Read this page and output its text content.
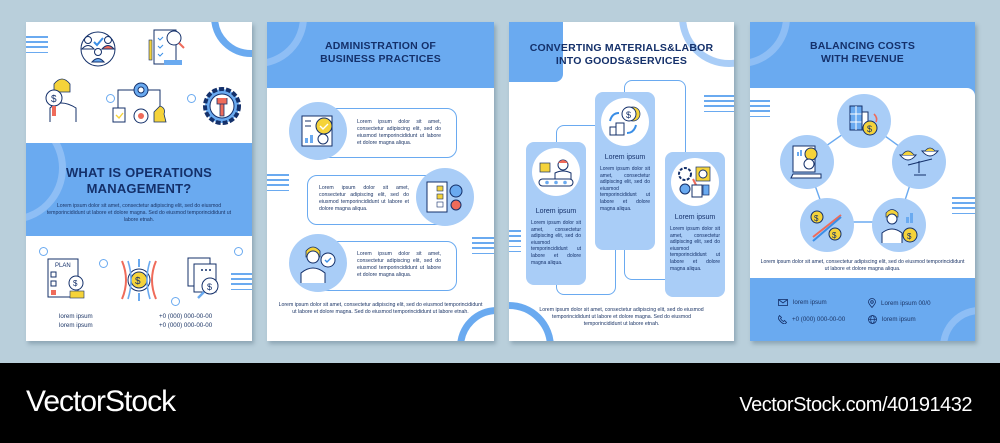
$
WHAT IS OPERATIONS
MANAGEMENT?
Lorem ipsum dolor sit amet, consectetur adipiscing elit, sed do eiusmod temporincididunt ut labore et dolore magna. Sed do eiusmod temporincididunt ut labore etnah.
PLAN
$	$	$
lorem ipsum
lorem ipsum
+0 (000) 000-00-00
+0 (000) 000-00-00
ADMINISTRATION OF
BUSINESS PRACTICES
Lorem ipsum dolor sit amet, consectetur adipiscing elit, sed do eiusmod temporincididunt ut labore et dolore magna aliqua.
Lorem ipsum dolor sit amet, consectetur adipiscing elit, sed do eiusmod temporincididunt ut labore et dolore magna aliqua.
Lorem ipsum dolor sit amet, consectetur adipiscing elit, sed do eiusmod temporincididunt ut labore et dolore magna aliqua.
Lorem ipsum dolor sit amet, consectetur adipiscing elit, sed do eiusmod temporincididunt ut labore et dolore magna. Sed do eiusmod temporincididunt ut labore etnah.
CONVERTING MATERIALS&LABOR
INTO GOODS&SERVICES
Lorem ipsum
Lorem ipsum dolor sit amet, consectetur adipiscing elit, sed do eiusmod temporincididunt ut labore et dolore magna aliqua.
$
Lorem ipsum
Lorem ipsum dolor sit amet, consectetur adipiscing elit, sed do eiusmod temporincididunt ut labore et dolore magna aliqua.
Lorem ipsum
Lorem ipsum dolor sit amet, consectetur adipiscing elit, sed do eiusmod temporincididunt ut labore et dolore magna aliqua.
Lorem ipsum dolor sit amet, consectetur adipiscing elit, sed do eiusmod temporincididunt ut labore et dolore magna. Sed do eiusmod temporincididunt ut labore etnah.
BALANCING COSTS
WITH REVENUE
$
$
$
$
Lorem ipsum dolor sit amet, consectetur adipiscing elit, sed do eiusmod temporincididunt ut labore et dolore magna aliqua.
lorem ipsum	Lorem ipsum 00/0
+0 (000) 000-00-00	lorem ipsum
VectorStock	VectorStock.com/40191432
